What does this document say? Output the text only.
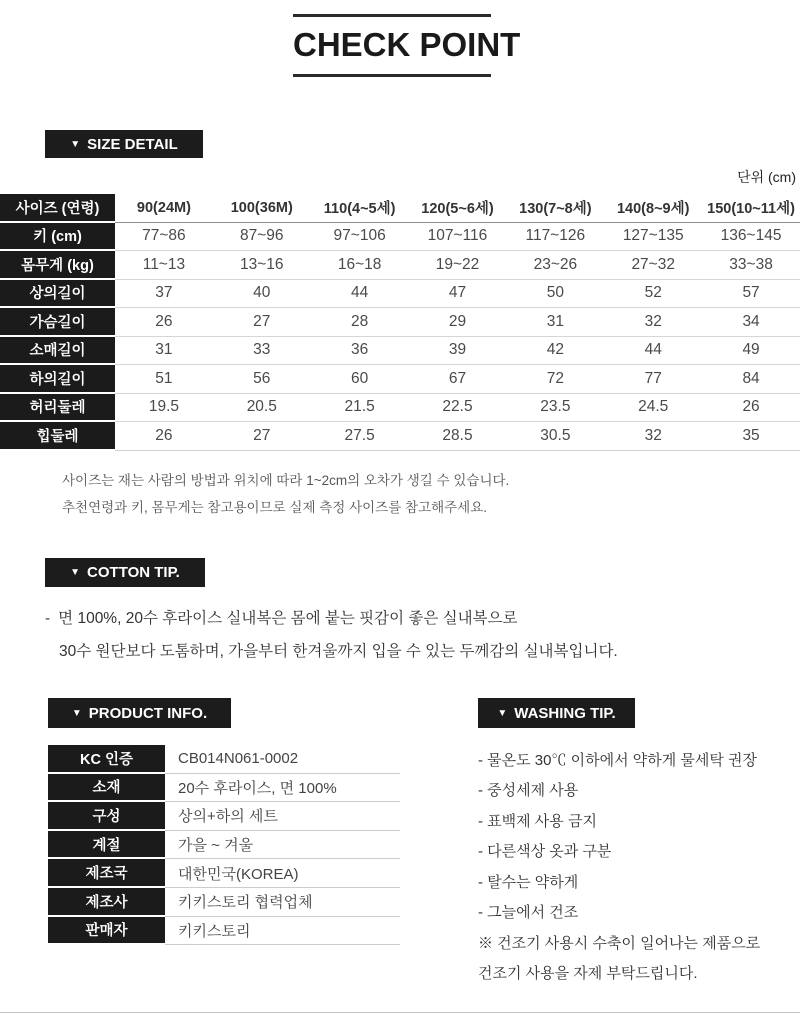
CHECK POINT
▼ SIZE DETAIL
단위 (cm)
사이즈 (연령)	90(24M)	100(36M)	110(4~5세)	120(5~6세)	130(7~8세)	140(8~9세)	150(10~11세)
키 (cm)	77~86	87~96	97~106	107~116	117~126	127~135	136~145
몸무게 (kg)	11~13	13~16	16~18	19~22	23~26	27~32	33~38
상의길이	37	40	44	47	50	52	57
가슴길이	26	27	28	29	31	32	34
소매길이	31	33	36	39	42	44	49
하의길이	51	56	60	67	72	77	84
허리둘레	19.5	20.5	21.5	22.5	23.5	24.5	26
힙둘레	26	27	27.5	28.5	30.5	32	35
사이즈는 재는 사람의 방법과 위치에 따라 1~2cm의 오차가 생길 수 있습니다.
추천연령과 키, 몸무게는 참고용이므로 실제 측정 사이즈를 참고해주세요.
▼ COTTON TIP.
- 면 100%, 20수 후라이스 실내복은 몸에 붙는 핏감이 좋은 실내복으로
30수 원단보다 도톰하며, 가을부터 한겨울까지 입을 수 있는 두께감의 실내복입니다.
▼ PRODUCT INFO.
KC 인증	CB014N061-0002
소재	20수 후라이스, 면 100%
구성	상의+하의 세트
계절	가을 ~ 겨울
제조국	대한민국(KOREA)
제조사	키키스토리 협력업체
판매자	키키스토리
▼ WASHING TIP.
- 물온도 30℃ 이하에서 약하게 물세탁 권장
- 중성세제 사용
- 표백제 사용 금지
- 다른색상 옷과 구분
- 탈수는 약하게
- 그늘에서 건조
※ 건조기 사용시 수축이 일어나는 제품으로
건조기 사용을 자제 부탁드립니다.
